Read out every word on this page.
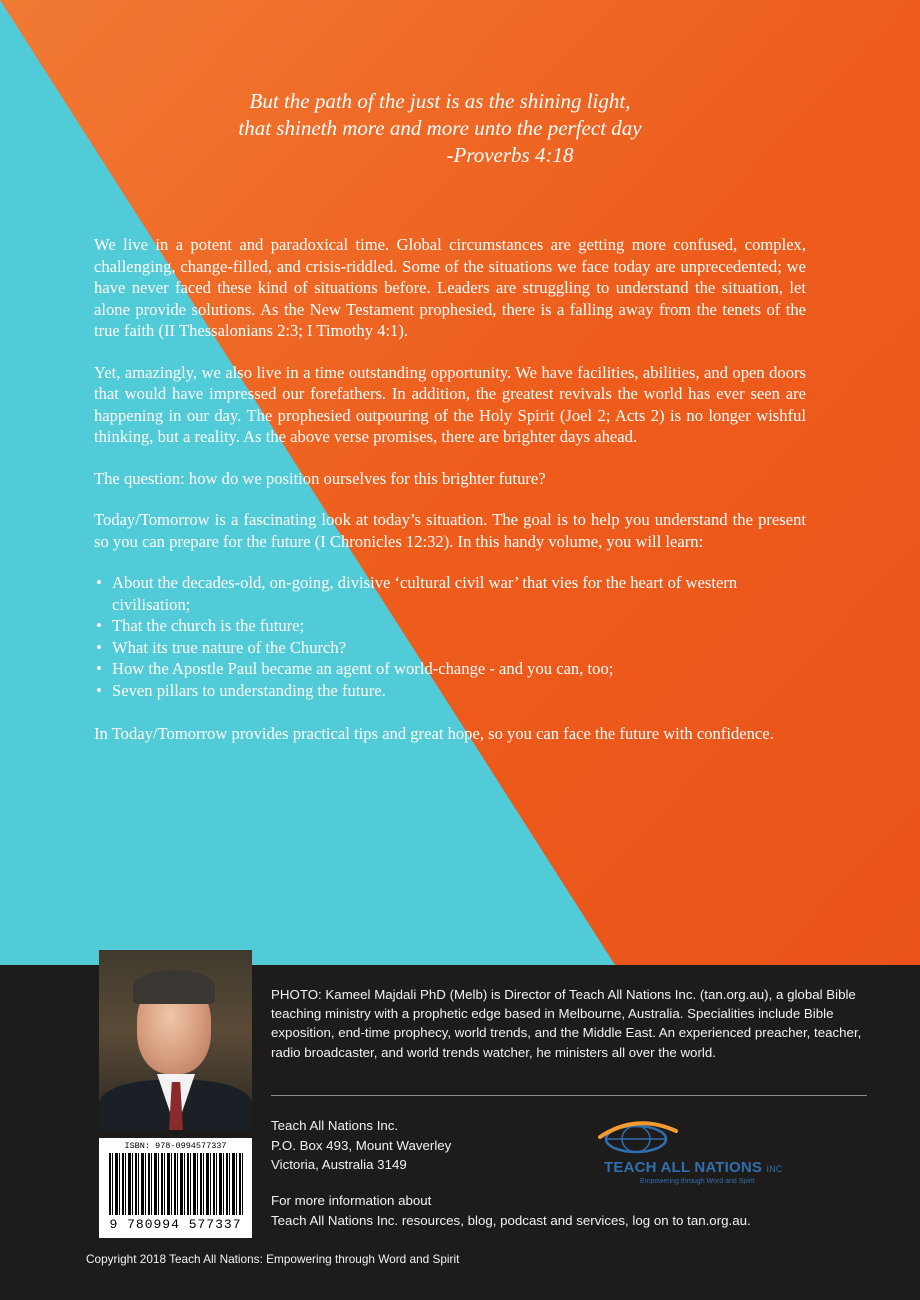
But the path of the just is as the shining light,
that shineth more and more unto the perfect day
-Proverbs 4:18

We live in a potent and paradoxical time. Global circumstances are getting more confused, complex, challenging, change-filled, and crisis-riddled. Some of the situations we face today are unprecedented; we have never faced these kind of situations before. Leaders are struggling to understand the situation, let alone provide solutions. As the New Testament prophesied, there is a falling away from the tenets of the true faith (II Thessalonians 2:3; I Timothy 4:1).

Yet, amazingly, we also live in a time outstanding opportunity. We have facilities, abilities, and open doors that would have impressed our forefathers. In addition, the greatest revivals the world has ever seen are happening in our day. The prophesied outpouring of the Holy Spirit (Joel 2; Acts 2) is no longer wishful thinking, but a reality. As the above verse promises, there are brighter days ahead.

The question: how do we position ourselves for this brighter future?

Today/Tomorrow is a fascinating look at today’s situation. The goal is to help you understand the present so you can prepare for the future (I Chronicles 12:32). In this handy volume, you will learn:

• About the decades-old, on-going, divisive ‘cultural civil war’ that vies for the heart of western civilisation;
• That the church is the future;
• What its true nature of the Church?
• How the Apostle Paul became an agent of world-change - and you can, too;
• Seven pillars to understanding the future.

In Today/Tomorrow provides practical tips and great hope, so you can face the future with confidence.

PHOTO: Kameel Majdali PhD (Melb) is Director of Teach All Nations Inc. (tan.org.au), a global Bible teaching ministry with a prophetic edge based in Melbourne, Australia. Specialities include Bible exposition, end-time prophecy, world trends, and the Middle East. An experienced preacher, teacher, radio broadcaster, and world trends watcher, he ministers all over the world.
Teach All Nations Inc.
P.O. Box 493, Mount Waverley
Victoria, Australia 3149
For more information about
Teach All Nations Inc. resources, blog, podcast and services, log on to tan.org.au.
TEACH ALL NATIONS INC
Empowering through Word and Spirit
ISBN: 978-0994577337
9 780994 577337
Copyright 2018 Teach All Nations: Empowering through Word and Spirit
